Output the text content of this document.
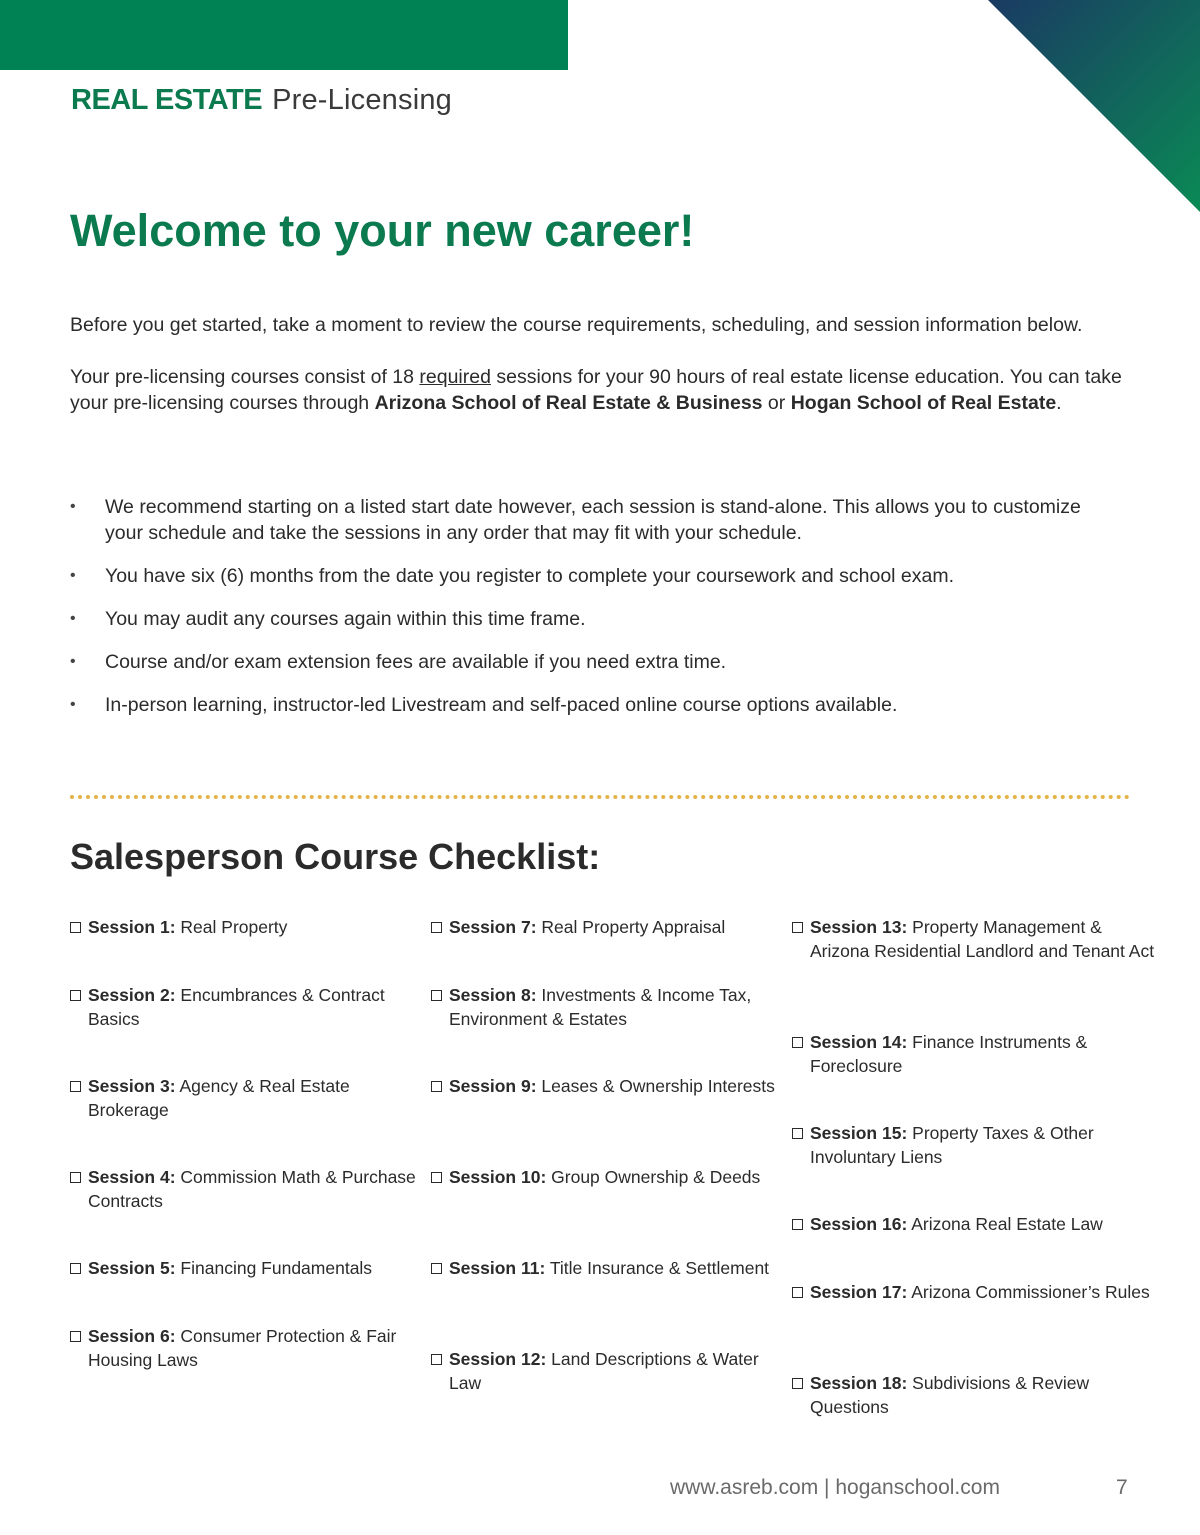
REAL ESTATE Pre-Licensing
Welcome to your new career!

Before you get started, take a moment to review the course requirements, scheduling, and session information below.

Your pre-licensing courses consist of 18 required sessions for your 90 hours of real estate license education. You can take your pre-licensing courses through Arizona School of Real Estate & Business or Hogan School of Real Estate.

• We recommend starting on a listed start date however, each session is stand-alone. This allows you to customize your schedule and take the sessions in any order that may fit with your schedule.
• You have six (6) months from the date you register to complete your coursework and school exam.
• You may audit any courses again within this time frame.
• Course and/or exam extension fees are available if you need extra time.
• In-person learning, instructor-led Livestream and self-paced online course options available.
Salesperson Course Checklist:
Session 1: Real Property
Session 2: Encumbrances & Contract Basics
Session 3: Agency & Real Estate Brokerage
Session 4: Commission Math & Purchase Contracts
Session 5: Financing Fundamentals
Session 6: Consumer Protection & Fair Housing Laws
Session 7: Real Property Appraisal
Session 8: Investments & Income Tax, Environment & Estates
Session 9: Leases & Ownership Interests
Session 10: Group Ownership & Deeds
Session 11: Title Insurance & Settlement
Session 12: Land Descriptions & Water Law
Session 13: Property Management & Arizona Residential Landlord and Tenant Act
Session 14: Finance Instruments & Foreclosure
Session 15: Property Taxes & Other Involuntary Liens
Session 16: Arizona Real Estate Law
Session 17: Arizona Commissioner’s Rules
Session 18: Subdivisions & Review Questions
www.asreb.com | hoganschool.com	7
